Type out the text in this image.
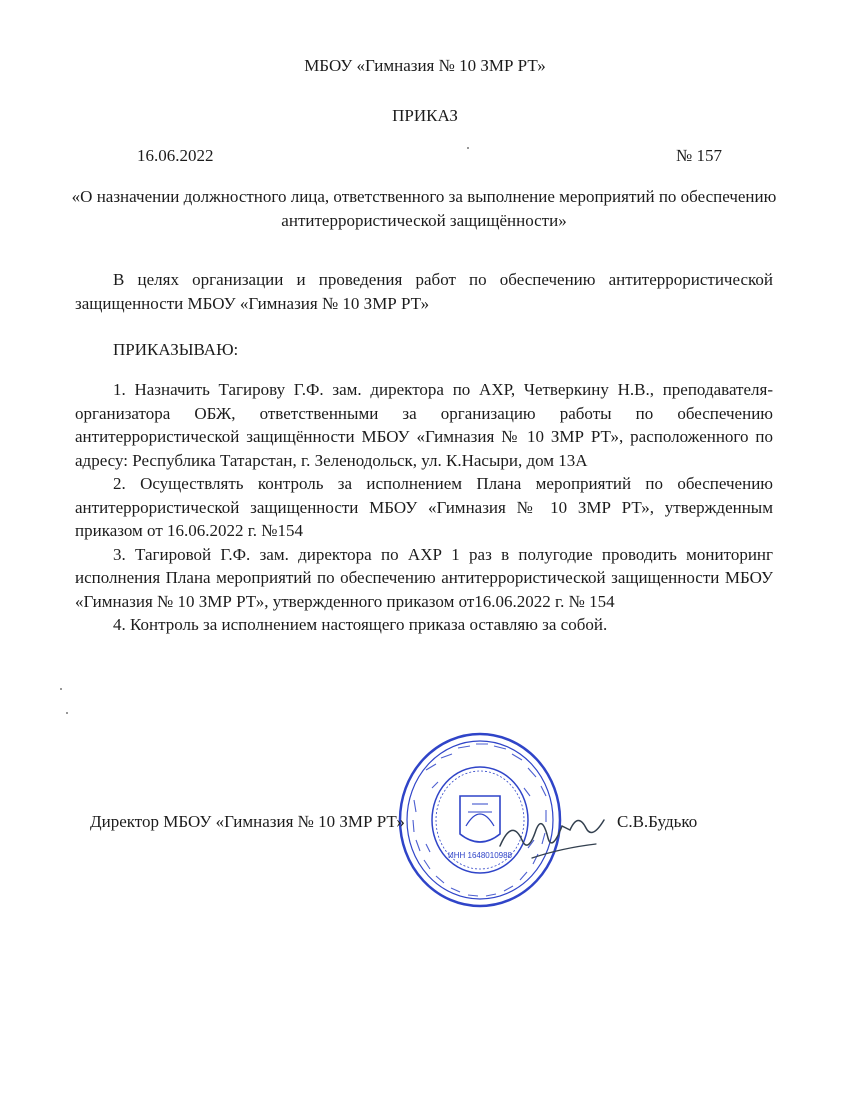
МБОУ «Гимназия № 10 ЗМР РТ»
ПРИКАЗ
16.06.2022	№ 157
«О назначении должностного лица, ответственного за выполнение мероприятий по обеспечению антитеррористической защищённости»
В целях организации и проведения работ по обеспечению антитеррористической защищенности МБОУ «Гимназия № 10 ЗМР РТ»
ПРИКАЗЫВАЮ:

1. Назначить Тагирову Г.Ф. зам. директора по АХР, Четверкину Н.В., преподавателя-организатора ОБЖ, ответственными за организацию работы по обеспечению антитеррористической защищённости МБОУ «Гимназия № 10 ЗМР РТ», расположенного по адресу: Республика Татарстан, г. Зеленодольск, ул. К.Насыри, дом 13А

2. Осуществлять контроль за исполнением Плана мероприятий по обеспечению антитеррористической защищенности МБОУ «Гимназия № 10 ЗМР РТ», утвержденным приказом от 16.06.2022 г. №154

3. Тагировой Г.Ф. зам. директора по АХР 1 раз в полугодие проводить мониторинг исполнения Плана мероприятий по обеспечению антитеррористической защищенности МБОУ «Гимназия № 10 ЗМР РТ», утвержденного приказом от16.06.2022 г. № 154

4. Контроль за исполнением настоящего приказа оставляю за собой.

ИНН 1648010988
Директор МБОУ «Гимназия № 10 ЗМР РТ»	С.В.Будько
